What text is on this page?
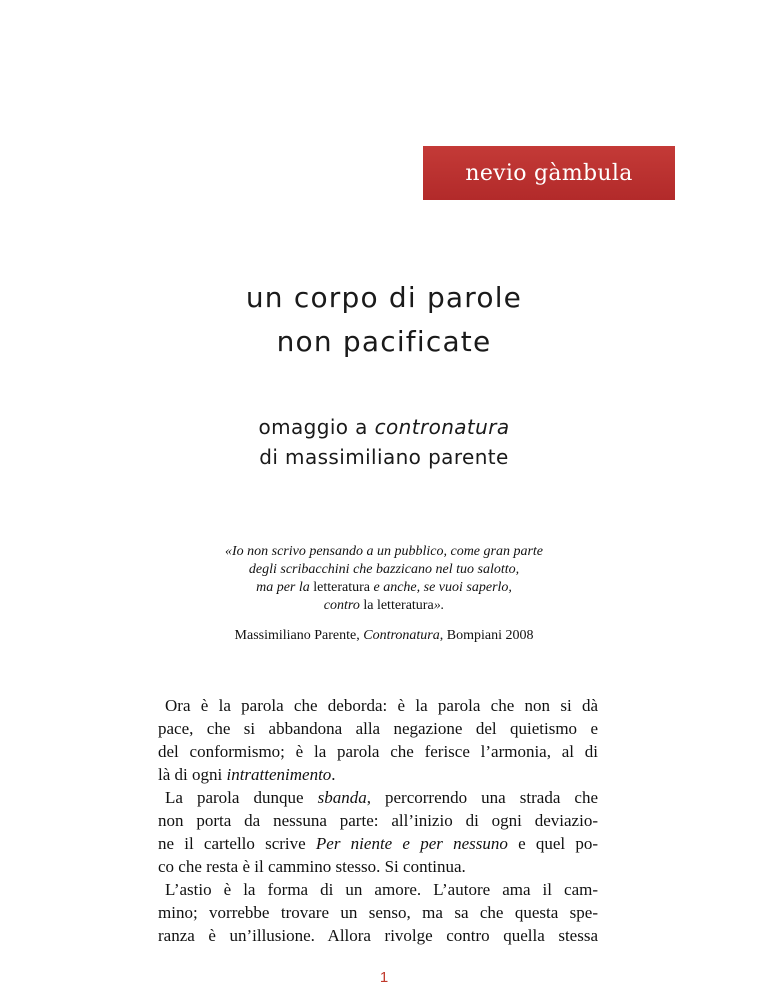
nevio gàmbula
un corpo di parole
non pacificate
omaggio a contronatura
di massimiliano parente
«Io non scrivo pensando a un pubblico, come gran parte
degli scribacchini che bazzicano nel tuo salotto,
ma per la letteratura e anche, se vuoi saperlo,
contro la letteratura».
Massimiliano Parente, Contronatura, Bompiani 2008
Ora è la parola che deborda: è la parola che non si dà
pace, che si abbandona alla negazione del quietismo e
del conformismo; è la parola che ferisce l’armonia, al di
là di ogni intrattenimento.
La parola dunque sbanda, percorrendo una strada che
non porta da nessuna parte: all’inizio di ogni deviazio-
ne il cartello scrive Per niente e per nessuno e quel po-
co che resta è il cammino stesso. Si continua.
L’astio è la forma di un amore. L’autore ama il cam-
mino; vorrebbe trovare un senso, ma sa che questa spe-
ranza è un’illusione. Allora rivolge contro quella stessa
1
